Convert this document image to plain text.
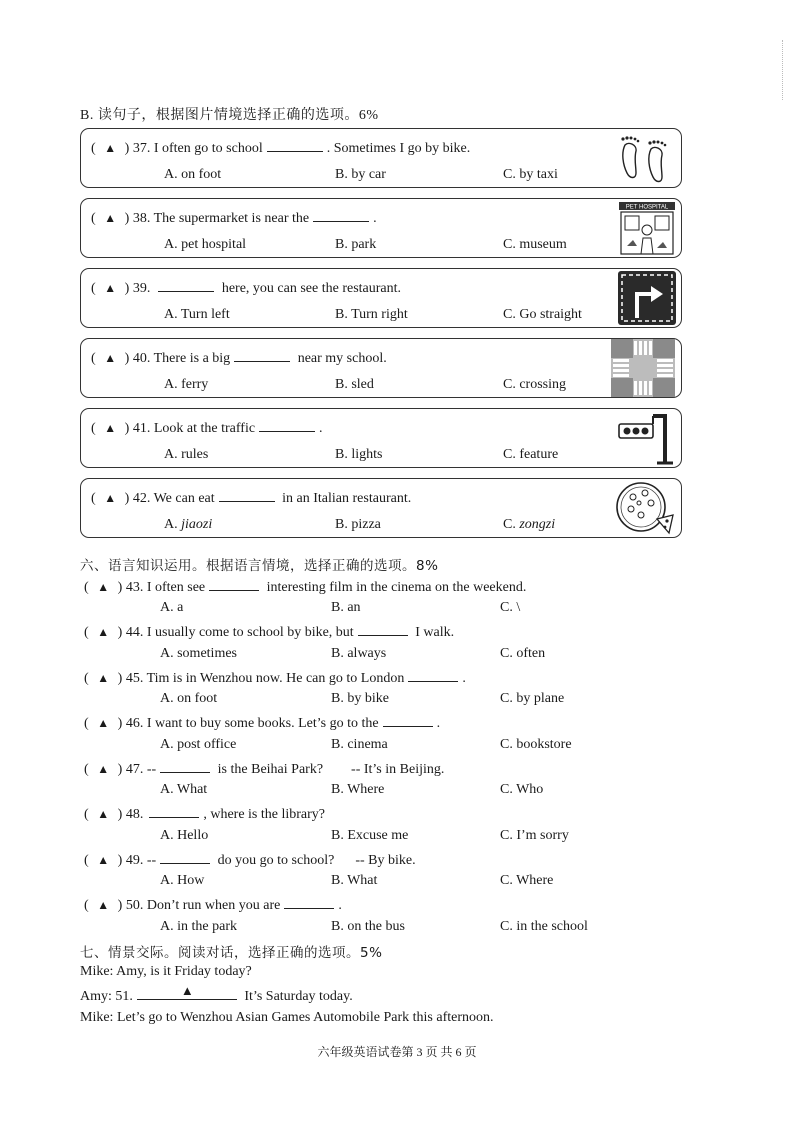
B. 读句子，根据图片情境选择正确的选项。6%
( ▲ ) 37. I often go to school	. Sometimes I go by bike.
A. on foot	B. by car	C. by taxi
( ▲ ) 38. The supermarket is near the	.
A. pet hospital	B. park	C. museum
PET HOSPITAL
( ▲ ) 39.	here, you can see the restaurant.
A. Turn left	B. Turn right	C. Go straight
( ▲ ) 40. There is a big	near my school.
A. ferry	B. sled	C. crossing
( ▲ ) 41. Look at the traffic	.
A. rules	B. lights	C. feature
( ▲ ) 42. We can eat	in an Italian restaurant.
A. jiaozi	B. pizza	C. zongzi
六、语言知识运用。根据语言情境，选择正确的选项。8%
( ▲ ) 43. I often see	interesting film in the cinema on the weekend.
A. a	B. an	C. \
( ▲ ) 44. I usually come to school by bike, but	I walk.
A. sometimes	B. always	C. often
( ▲ ) 45. Tim is in Wenzhou now. He can go to London	.
A. on foot	B. by bike	C. by plane
( ▲ ) 46. I want to buy some books. Let’s go to the	.
A. post office	B. cinema	C. bookstore
( ▲ ) 47. --	is the Beihai Park?        -- It’s in Beijing.
A. What	B. Where	C. Who
( ▲ ) 48.	, where is the library?
A. Hello	B. Excuse me	C. I’m sorry
( ▲ ) 49. --	do you go to school?      -- By bike.
A. How	B. What	C. Where
( ▲ ) 50. Don’t run when you are	.
A. in the park	B. on the bus	C. in the school
七、情景交际。阅读对话，选择正确的选项。5%
Mike: Amy, is it Friday today?
Amy: 51.	▲	It’s Saturday today.
Mike: Let’s go to Wenzhou Asian Games Automobile Park this afternoon.
六年级英语试卷第 3 页 共 6 页
